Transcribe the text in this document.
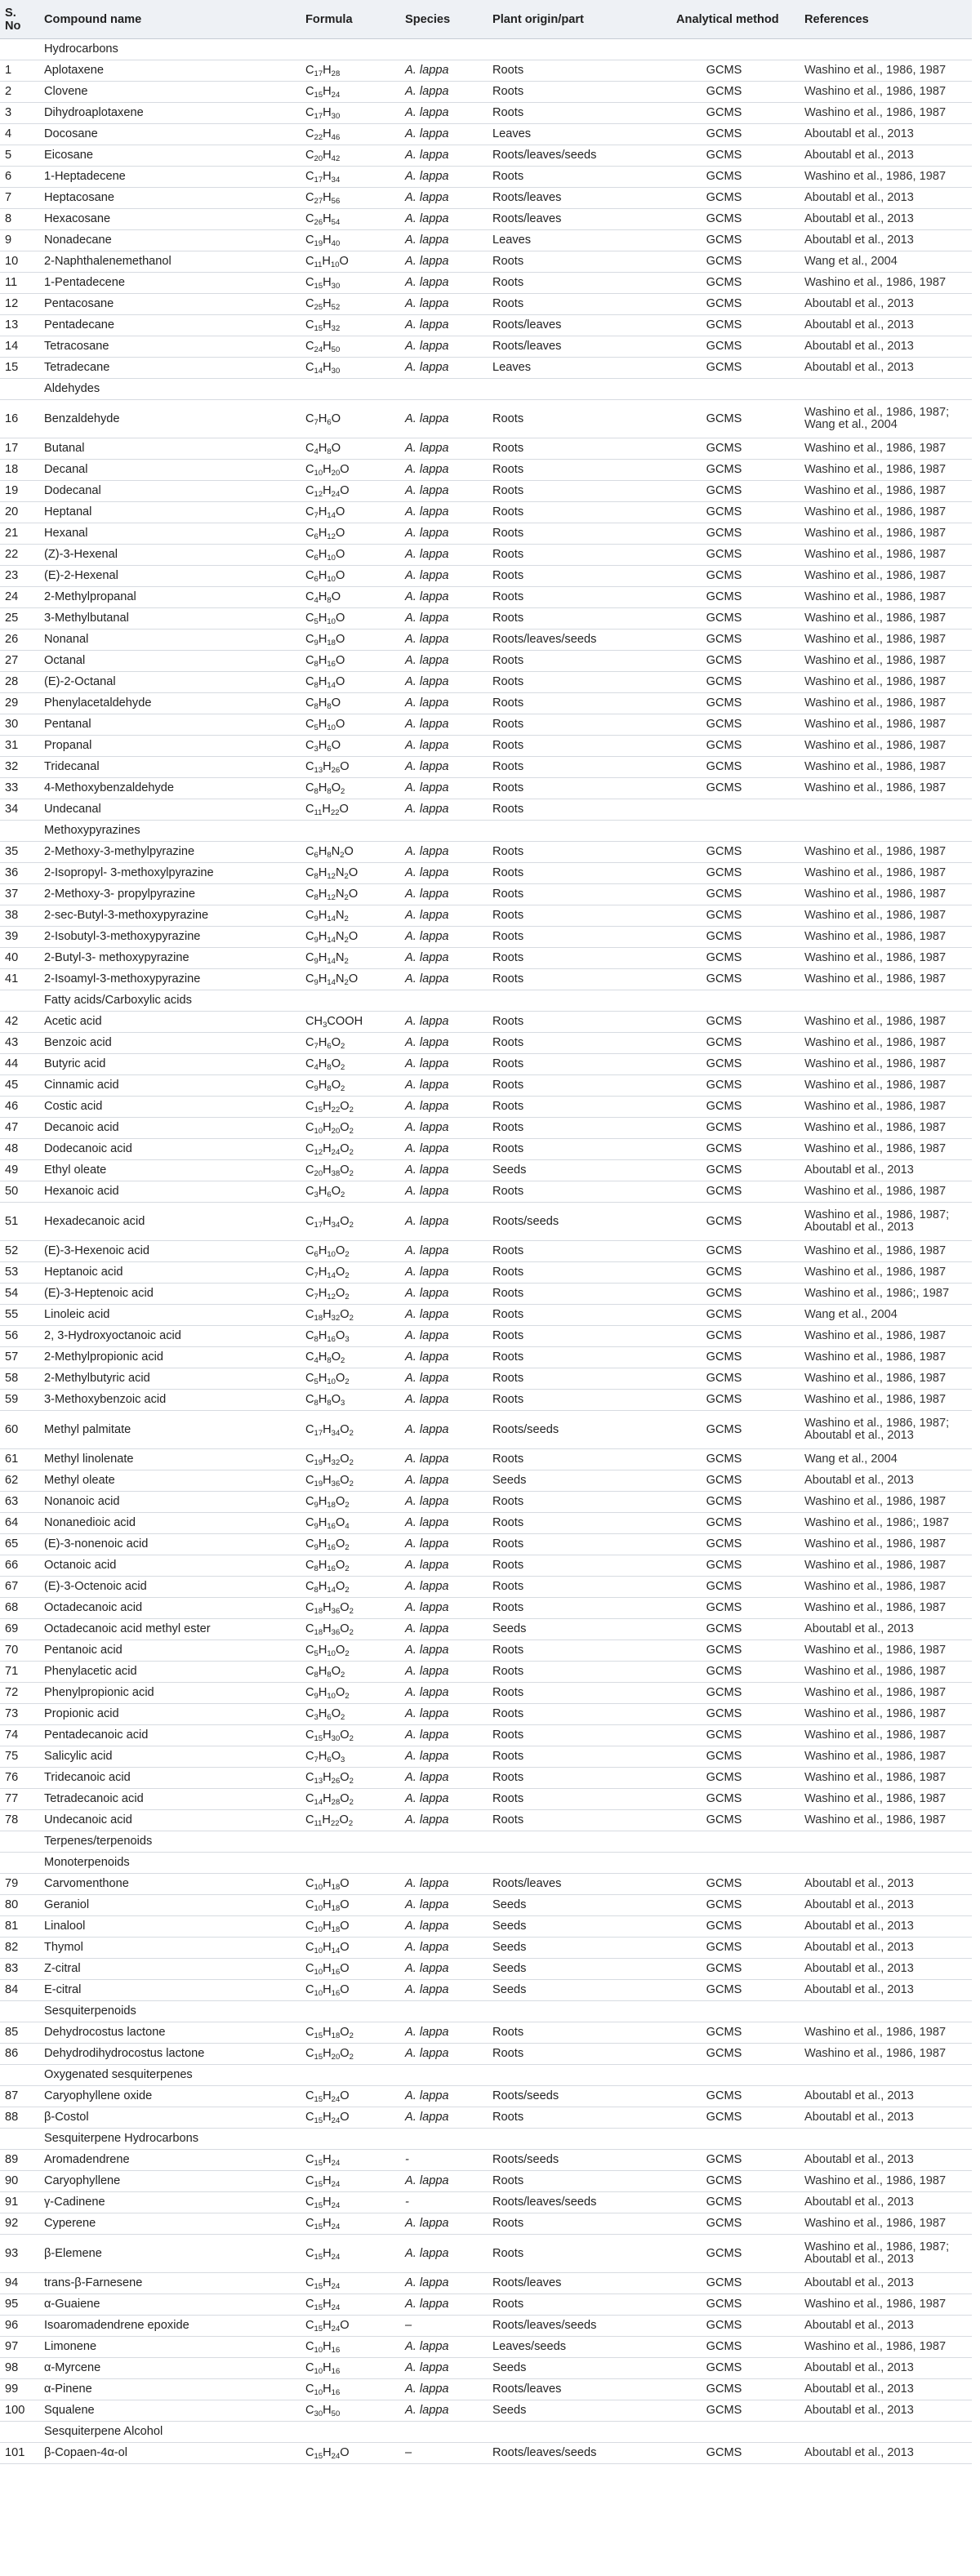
S. No	Compound name	Formula	Species	Plant origin/part	Analytical method	References
	Hydrocarbons					
1	Aplotaxene	$C_{17}H_{28}$	A. lappa	Roots	GCMS	Washino et al., 1986, 1987
2	Clovene	$C_{15}H_{24}$	A. lappa	Roots	GCMS	Washino et al., 1986, 1987
3	Dihydroaplotaxene	$C_{17}H_{30}$	A. lappa	Roots	GCMS	Washino et al., 1986, 1987
4	Docosane	$C_{22}H_{46}$	A. lappa	Leaves	GCMS	Aboutabl et al., 2013
5	Eicosane	$C_{20}H_{42}$	A. lappa	Roots/leaves/seeds	GCMS	Aboutabl et al., 2013
6	1-Heptadecene	$C_{17}H_{34}$	A. lappa	Roots	GCMS	Washino et al., 1986, 1987
7	Heptacosane	$C_{27}H_{56}$	A. lappa	Roots/leaves	GCMS	Aboutabl et al., 2013
8	Hexacosane	$C_{26}H_{54}$	A. lappa	Roots/leaves	GCMS	Aboutabl et al., 2013
9	Nonadecane	$C_{19}H_{40}$	A. lappa	Leaves	GCMS	Aboutabl et al., 2013
10	2-Naphthalenemethanol	$C_{11}H_{10}O$	A. lappa	Roots	GCMS	Wang et al., 2004
11	1-Pentadecene	$C_{15}H_{30}$	A. lappa	Roots	GCMS	Washino et al., 1986, 1987
12	Pentacosane	$C_{25}H_{52}$	A. lappa	Roots	GCMS	Aboutabl et al., 2013
13	Pentadecane	$C_{15}H_{32}$	A. lappa	Roots/leaves	GCMS	Aboutabl et al., 2013
14	Tetracosane	$C_{24}H_{50}$	A. lappa	Roots/leaves	GCMS	Aboutabl et al., 2013
15	Tetradecane	$C_{14}H_{30}$	A. lappa	Leaves	GCMS	Aboutabl et al., 2013
	Aldehydes					
16	Benzaldehyde	$C_7H_6O$	A. lappa	Roots	GCMS	Washino et al., 1986, 1987; Wang et al., 2004
17	Butanal	$C_4H_8O$	A. lappa	Roots	GCMS	Washino et al., 1986, 1987
18	Decanal	$C_{10}H_{20}O$	A. lappa	Roots	GCMS	Washino et al., 1986, 1987
19	Dodecanal	$C_{12}H_{24}O$	A. lappa	Roots	GCMS	Washino et al., 1986, 1987
20	Heptanal	$C_7H_{14}O$	A. lappa	Roots	GCMS	Washino et al., 1986, 1987
21	Hexanal	$C_6H_{12}O$	A. lappa	Roots	GCMS	Washino et al., 1986, 1987
22	(Z)-3-Hexenal	$C_6H_{10}O$	A. lappa	Roots	GCMS	Washino et al., 1986, 1987
23	(E)-2-Hexenal	$C_6H_{10}O$	A. lappa	Roots	GCMS	Washino et al., 1986, 1987
24	2-Methylpropanal	$C_4H_8O$	A. lappa	Roots	GCMS	Washino et al., 1986, 1987
25	3-Methylbutanal	$C_5H_{10}O$	A. lappa	Roots	GCMS	Washino et al., 1986, 1987
26	Nonanal	$C_9H_{18}O$	A. lappa	Roots/leaves/seeds	GCMS	Washino et al., 1986, 1987
27	Octanal	$C_8H_{16}O$	A. lappa	Roots	GCMS	Washino et al., 1986, 1987
28	(E)-2-Octanal	$C_8H_{14}O$	A. lappa	Roots	GCMS	Washino et al., 1986, 1987
29	Phenylacetaldehyde	$C_8H_8O$	A. lappa	Roots	GCMS	Washino et al., 1986, 1987
30	Pentanal	$C_5H_{10}O$	A. lappa	Roots	GCMS	Washino et al., 1986, 1987
31	Propanal	$C_3H_6O$	A. lappa	Roots	GCMS	Washino et al., 1986, 1987
32	Tridecanal	$C_{13}H_{26}O$	A. lappa	Roots	GCMS	Washino et al., 1986, 1987
33	4-Methoxybenzaldehyde	$C_8H_8O_2$	A. lappa	Roots	GCMS	Washino et al., 1986, 1987
34	Undecanal	$C_{11}H_{22}O$	A. lappa	Roots		
	Methoxypyrazines					
35	2-Methoxy-3-methylpyrazine	$C_6H_8N_2O$	A. lappa	Roots	GCMS	Washino et al., 1986, 1987
36	2-Isopropyl- 3-methoxylpyrazine	$C_8H_{12}N_2O$	A. lappa	Roots	GCMS	Washino et al., 1986, 1987
37	2-Methoxy-3- propylpyrazine	$C_8H_{12}N_2O$	A. lappa	Roots	GCMS	Washino et al., 1986, 1987
38	2-sec-Butyl-3-methoxypyrazine	$C_9H_{14}N_2$	A. lappa	Roots	GCMS	Washino et al., 1986, 1987
39	2-Isobutyl-3-methoxypyrazine	$C_9H_{14}N_2O$	A. lappa	Roots	GCMS	Washino et al., 1986, 1987
40	2-Butyl-3- methoxypyrazine	$C_9H_{14}N_2$	A. lappa	Roots	GCMS	Washino et al., 1986, 1987
41	2-Isoamyl-3-methoxypyrazine	$C_9H_{14}N_2O$	A. lappa	Roots	GCMS	Washino et al., 1986, 1987
	Fatty acids/Carboxylic acids					
42	Acetic acid	$CH_3COOH$	A. lappa	Roots	GCMS	Washino et al., 1986, 1987
43	Benzoic acid	$C_7H_6O_2$	A. lappa	Roots	GCMS	Washino et al., 1986, 1987
44	Butyric acid	$C_4H_8O_2$	A. lappa	Roots	GCMS	Washino et al., 1986, 1987
45	Cinnamic acid	$C_9H_8O_2$	A. lappa	Roots	GCMS	Washino et al., 1986, 1987
46	Costic acid	$C_{15}H_{22}O_2$	A. lappa	Roots	GCMS	Washino et al., 1986, 1987
47	Decanoic acid	$C_{10}H_{20}O_2$	A. lappa	Roots	GCMS	Washino et al., 1986, 1987
48	Dodecanoic acid	$C_{12}H_{24}O_2$	A. lappa	Roots	GCMS	Washino et al., 1986, 1987
49	Ethyl oleate	$C_{20}H_{38}O_2$	A. lappa	Seeds	GCMS	Aboutabl et al., 2013
50	Hexanoic acid	$C_3H_6O_2$	A. lappa	Roots	GCMS	Washino et al., 1986, 1987
51	Hexadecanoic acid	$C_{17}H_{34}O_2$	A. lappa	Roots/seeds	GCMS	Washino et al., 1986, 1987; Aboutabl et al., 2013
52	(E)-3-Hexenoic acid	$C_6H_{10}O_2$	A. lappa	Roots	GCMS	Washino et al., 1986, 1987
53	Heptanoic acid	$C_7H_{14}O_2$	A. lappa	Roots	GCMS	Washino et al., 1986, 1987
54	(E)-3-Heptenoic acid	$C_7H_{12}O_2$	A. lappa	Roots	GCMS	Washino et al., 1986;, 1987
55	Linoleic acid	$C_{18}H_{32}O_2$	A. lappa	Roots	GCMS	Wang et al., 2004
56	2, 3-Hydroxyoctanoic acid	$C_8H_{16}O_3$	A. lappa	Roots	GCMS	Washino et al., 1986, 1987
57	2-Methylpropionic acid	$C_4H_8O_2$	A. lappa	Roots	GCMS	Washino et al., 1986, 1987
58	2-Methylbutyric acid	$C_5H_{10}O_2$	A. lappa	Roots	GCMS	Washino et al., 1986, 1987
59	3-Methoxybenzoic acid	$C_8H_8O_3$	A. lappa	Roots	GCMS	Washino et al., 1986, 1987
60	Methyl palmitate	$C_{17}H_{34}O_2$	A. lappa	Roots/seeds	GCMS	Washino et al., 1986, 1987; Aboutabl et al., 2013
61	Methyl linolenate	$C_{19}H_{32}O_2$	A. lappa	Roots	GCMS	Wang et al., 2004
62	Methyl oleate	$C_{19}H_{36}O_2$	A. lappa	Seeds	GCMS	Aboutabl et al., 2013
63	Nonanoic acid	$C_9H_{18}O_2$	A. lappa	Roots	GCMS	Washino et al., 1986, 1987
64	Nonanedioic acid	$C_9H_{16}O_4$	A. lappa	Roots	GCMS	Washino et al., 1986;, 1987
65	(E)-3-nonenoic acid	$C_9H_{16}O_2$	A. lappa	Roots	GCMS	Washino et al., 1986, 1987
66	Octanoic acid	$C_8H_{16}O_2$	A. lappa	Roots	GCMS	Washino et al., 1986, 1987
67	(E)-3-Octenoic acid	$C_8H_{14}O_2$	A. lappa	Roots	GCMS	Washino et al., 1986, 1987
68	Octadecanoic acid	$C_{18}H_{36}O_2$	A. lappa	Roots	GCMS	Washino et al., 1986, 1987
69	Octadecanoic acid methyl ester	$C_{18}H_{36}O_2$	A. lappa	Seeds	GCMS	Aboutabl et al., 2013
70	Pentanoic acid	$C_5H_{10}O_2$	A. lappa	Roots	GCMS	Washino et al., 1986, 1987
71	Phenylacetic acid	$C_8H_8O_2$	A. lappa	Roots	GCMS	Washino et al., 1986, 1987
72	Phenylpropionic acid	$C_9H_{10}O_2$	A. lappa	Roots	GCMS	Washino et al., 1986, 1987
73	Propionic acid	$C_3H_6O_2$	A. lappa	Roots	GCMS	Washino et al., 1986, 1987
74	Pentadecanoic acid	$C_{15}H_{30}O_2$	A. lappa	Roots	GCMS	Washino et al., 1986, 1987
75	Salicylic acid	$C_7H_6O_3$	A. lappa	Roots	GCMS	Washino et al., 1986, 1987
76	Tridecanoic acid	$C_{13}H_{26}O_2$	A. lappa	Roots	GCMS	Washino et al., 1986, 1987
77	Tetradecanoic acid	$C_{14}H_{28}O_2$	A. lappa	Roots	GCMS	Washino et al., 1986, 1987
78	Undecanoic acid	$C_{11}H_{22}O_2$	A. lappa	Roots	GCMS	Washino et al., 1986, 1987
	Terpenes/terpenoids					
	Monoterpenoids					
79	Carvomenthone	$C_{10}H_{18}O$	A. lappa	Roots/leaves	GCMS	Aboutabl et al., 2013
80	Geraniol	$C_{10}H_{18}O$	A. lappa	Seeds	GCMS	Aboutabl et al., 2013
81	Linalool	$C_{10}H_{18}O$	A. lappa	Seeds	GCMS	Aboutabl et al., 2013
82	Thymol	$C_{10}H_{14}O$	A. lappa	Seeds	GCMS	Aboutabl et al., 2013
83	Z-citral	$C_{10}H_{16}O$	A. lappa	Seeds	GCMS	Aboutabl et al., 2013
84	E-citral	$C_{10}H_{16}O$	A. lappa	Seeds	GCMS	Aboutabl et al., 2013
	Sesquiterpenoids					
85	Dehydrocostus lactone	$C_{15}H_{18}O_2$	A. lappa	Roots	GCMS	Washino et al., 1986, 1987
86	Dehydrodihydrocostus lactone	$C_{15}H_{20}O_2$	A. lappa	Roots	GCMS	Washino et al., 1986, 1987
	Oxygenated sesquiterpenes					
87	Caryophyllene oxide	$C_{15}H_{24}O$	A. lappa	Roots/seeds	GCMS	Aboutabl et al., 2013
88	β-Costol	$C_{15}H_{24}O$	A. lappa	Roots	GCMS	Aboutabl et al., 2013
	Sesquiterpene Hydrocarbons					
89	Aromadendrene	$C_{15}H_{24}$	-	Roots/seeds	GCMS	Aboutabl et al., 2013
90	Caryophyllene	$C_{15}H_{24}$	A. lappa	Roots	GCMS	Washino et al., 1986, 1987
91	γ-Cadinene	$C_{15}H_{24}$	-	Roots/leaves/seeds	GCMS	Aboutabl et al., 2013
92	Cyperene	$C_{15}H_{24}$	A. lappa	Roots	GCMS	Washino et al., 1986, 1987
93	β-Elemene	$C_{15}H_{24}$	A. lappa	Roots	GCMS	Washino et al., 1986, 1987; Aboutabl et al., 2013
94	trans-β-Farnesene	$C_{15}H_{24}$	A. lappa	Roots/leaves	GCMS	Aboutabl et al., 2013
95	α-Guaiene	$C_{15}H_{24}$	A. lappa	Roots	GCMS	Washino et al., 1986, 1987
96	Isoaromadendrene epoxide	$C_{15}H_{24}O$	–	Roots/leaves/seeds	GCMS	Aboutabl et al., 2013
97	Limonene	$C_{10}H_{16}$	A. lappa	Leaves/seeds	GCMS	Washino et al., 1986, 1987
98	α-Myrcene	$C_{10}H_{16}$	A. lappa	Seeds	GCMS	Aboutabl et al., 2013
99	α-Pinene	$C_{10}H_{16}$	A. lappa	Roots/leaves	GCMS	Aboutabl et al., 2013
100	Squalene	$C_{30}H_{50}$	A. lappa	Seeds	GCMS	Aboutabl et al., 2013
	Sesquiterpene Alcohol					
101	β-Copaen-4α-ol	$C_{15}H_{24}O$	–	Roots/leaves/seeds	GCMS	Aboutabl et al., 2013
